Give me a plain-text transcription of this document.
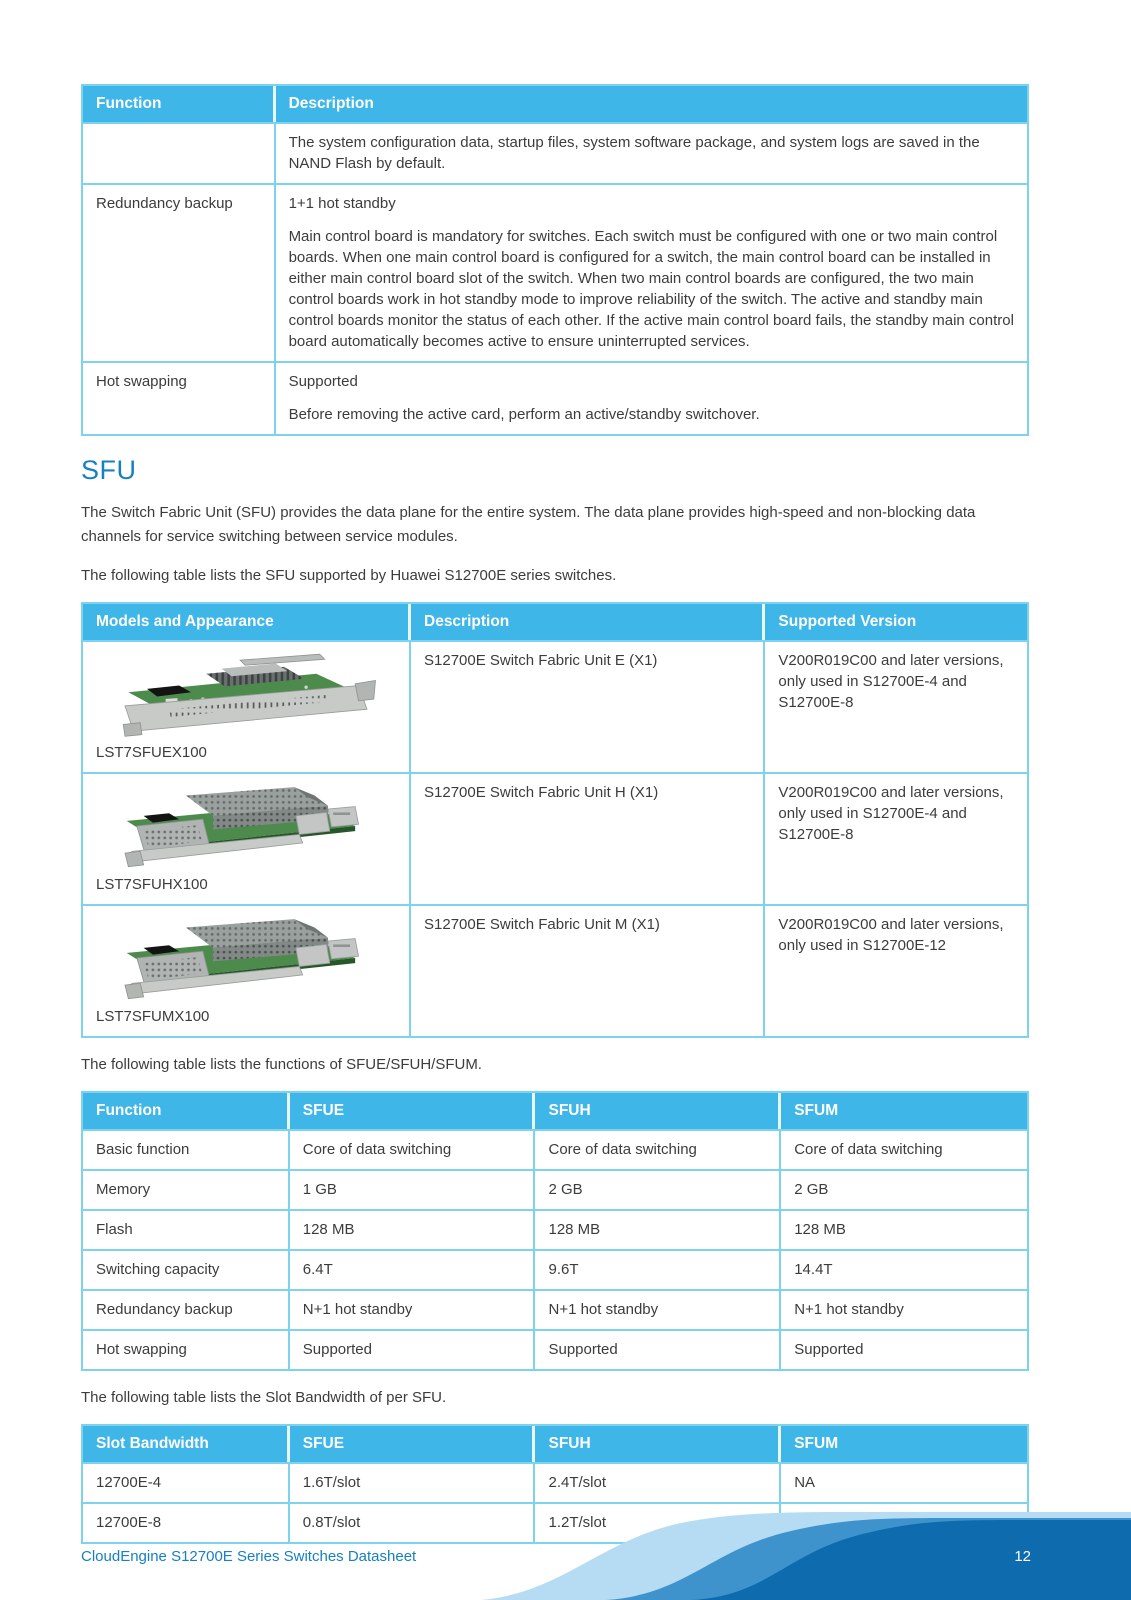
Function	Description

	The system configuration data, startup files, system software package, and system logs are saved in the NAND Flash by default.

Redundancy backup	1+1 hot standby

Main control board is mandatory for switches. Each switch must be configured with one or two main control boards. When one main control board is configured for a switch, the main control board can be installed in either main control board slot of the switch. When two main control boards are configured, the two main control boards work in hot standby mode to improve reliability of the switch. The active and standby main control boards monitor the status of each other. If the active main control board fails, the standby main control board automatically becomes active to ensure uninterrupted services.

Hot swapping	Supported

Before removing the active card, perform an active/standby switchover.

SFU

The Switch Fabric Unit (SFU) provides the data plane for the entire system. The data plane provides high-speed and non-blocking data channels for service switching between service modules.

The following table lists the SFU supported by Huawei S12700E series switches.

Models and Appearance	Description	Supported Version

LST7SFUEX100	S12700E Switch Fabric Unit E (X1)	V200R019C00 and later versions, only used in S12700E-4 and S12700E-8

LST7SFUHX100	S12700E Switch Fabric Unit H (X1)	V200R019C00 and later versions, only used in S12700E-4 and S12700E-8

LST7SFUMX100	S12700E Switch Fabric Unit M (X1)	V200R019C00 and later versions, only used in S12700E-12

The following table lists the functions of SFUE/SFUH/SFUM.

Function	SFUE	SFUH	SFUM
Basic function	Core of data switching	Core of data switching	Core of data switching
Memory	1 GB	2 GB	2 GB
Flash	128 MB	128 MB	128 MB
Switching capacity	6.4T	9.6T	14.4T
Redundancy backup	N+1 hot standby	N+1 hot standby	N+1 hot standby
Hot swapping	Supported	Supported	Supported

The following table lists the Slot Bandwidth of per SFU.

Slot Bandwidth	SFUE	SFUH	SFUM
12700E-4	1.6T/slot	2.4T/slot	NA
12700E-8	0.8T/slot	1.2T/slot	
CloudEngine S12700E Series Switches Datasheet	12
